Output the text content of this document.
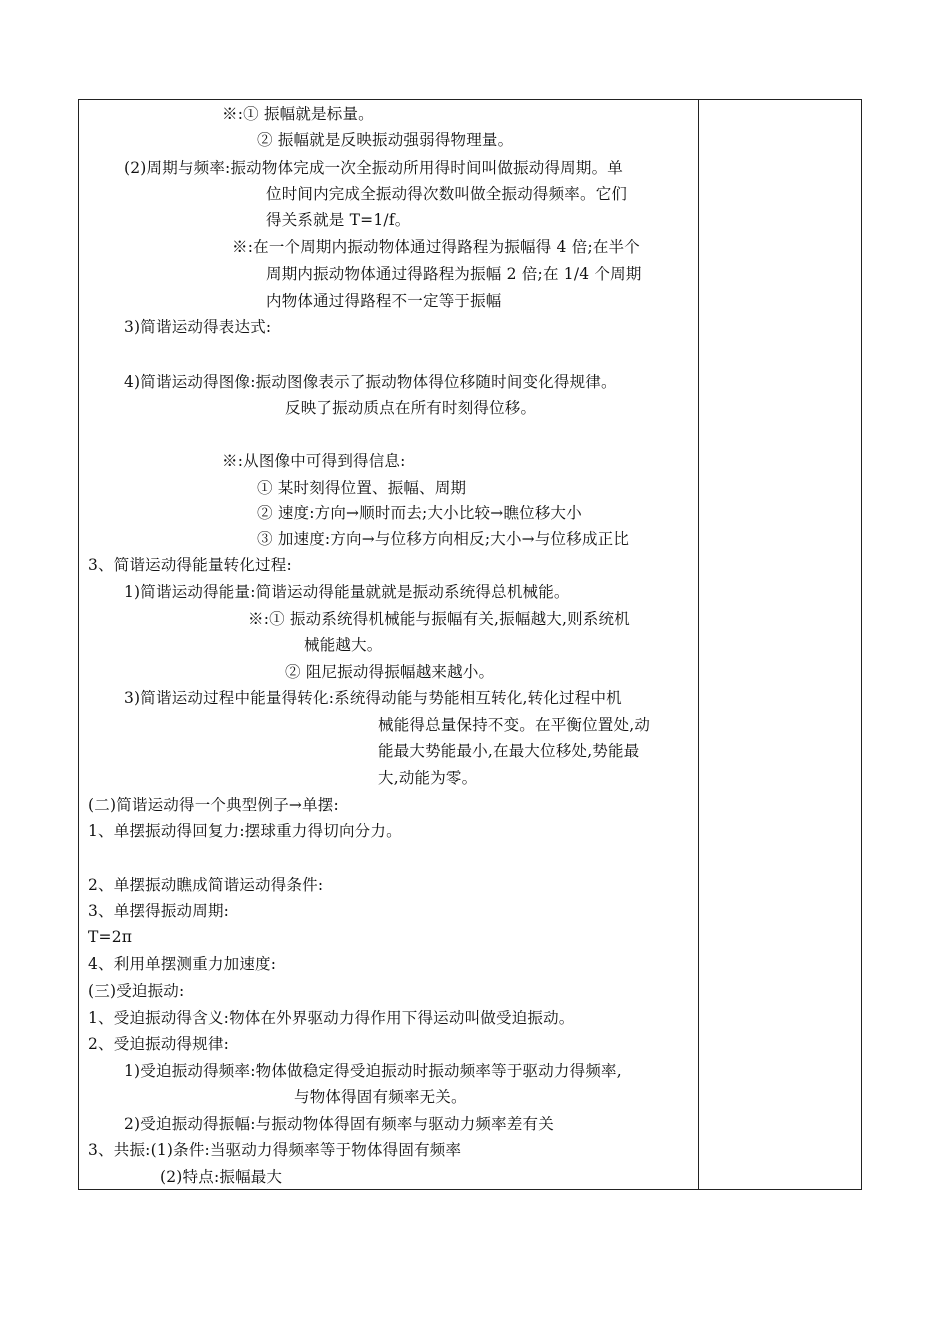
※:① 振幅就是标量。
② 振幅就是反映振动强弱得物理量。
(2)周期与频率:振动物体完成一次全振动所用得时间叫做振动得周期。单
位时间内完成全振动得次数叫做全振动得频率。它们
得关系就是 T=1/f。
※:在一个周期内振动物体通过得路程为振幅得 4 倍;在半个
周期内振动物体通过得路程为振幅 2 倍;在 1/4 个周期
内物体通过得路程不一定等于振幅
3)简谐运动得表达式:
4)简谐运动得图像:振动图像表示了振动物体得位移随时间变化得规律。
反映了振动质点在所有时刻得位移。
※:从图像中可得到得信息:
① 某时刻得位置、振幅、周期
② 速度:方向→顺时而去;大小比较→瞧位移大小
③ 加速度:方向→与位移方向相反;大小→与位移成正比
3、简谐运动得能量转化过程:
1)简谐运动得能量:简谐运动得能量就就是振动系统得总机械能。
※:① 振动系统得机械能与振幅有关,振幅越大,则系统机
械能越大。
② 阻尼振动得振幅越来越小。
3)简谐运动过程中能量得转化:系统得动能与势能相互转化,转化过程中机
械能得总量保持不变。在平衡位置处,动
能最大势能最小,在最大位移处,势能最
大,动能为零。
(二)简谐运动得一个典型例子→单摆:
1、单摆振动得回复力:摆球重力得切向分力。
2、单摆振动瞧成简谐运动得条件:
3、单摆得振动周期:
T=2π
4、利用单摆测重力加速度:
(三)受迫振动:
1、受迫振动得含义:物体在外界驱动力得作用下得运动叫做受迫振动。
2、受迫振动得规律:
1)受迫振动得频率:物体做稳定得受迫振动时振动频率等于驱动力得频率,
与物体得固有频率无关。
2)受迫振动得振幅:与振动物体得固有频率与驱动力频率差有关
3、共振:(1)条件:当驱动力得频率等于物体得固有频率
(2)特点:振幅最大
